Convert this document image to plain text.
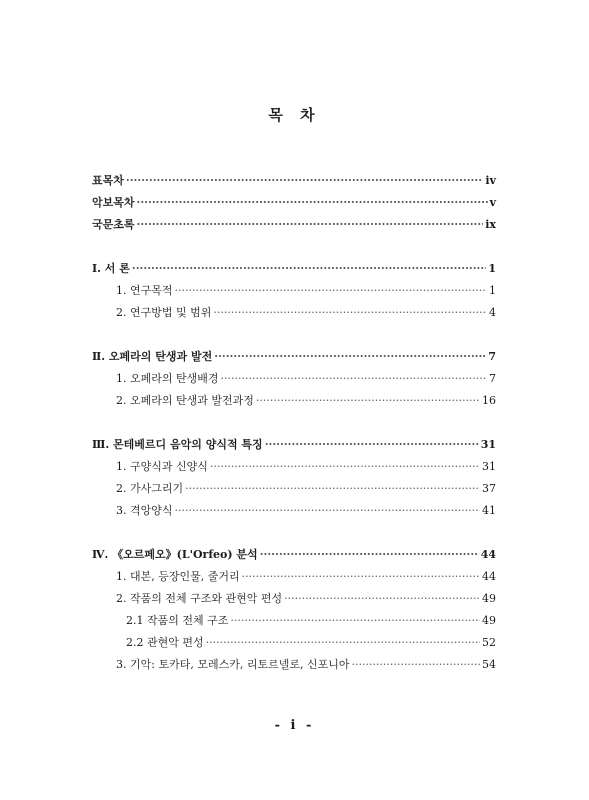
목 차
표목차 ·····	iv
악보목차 ·····	v
국문초록 ·····	ix
Ⅰ. 서 론 ·····	1
1. 연구목적 ·····	1
2. 연구방법 및 범위 ·····	4
Ⅱ. 오페라의 탄생과 발전 ·····	7
1. 오페라의 탄생배경 ·····	7
2. 오페라의 탄생과 발전과정 ·····	16
Ⅲ. 몬테베르디 음악의 양식적 특징 ·····	31
1. 구양식과 신양식 ·····	31
2. 가사그리기 ·····	37
3. 격앙양식 ·····	41
Ⅳ. 《오르페오》(L'Orfeo) 분석 ·····	44
1. 대본, 등장인물, 줄거리 ·····	44
2. 작품의 전체 구조와 관현악 편성 ·····	49
2.1 작품의 전체 구조 ·····	49
2.2 관현악 편성 ·····	52
3. 기악: 토카타, 모레스카, 리토르넬로, 신포니아 ·····	54
- i -
